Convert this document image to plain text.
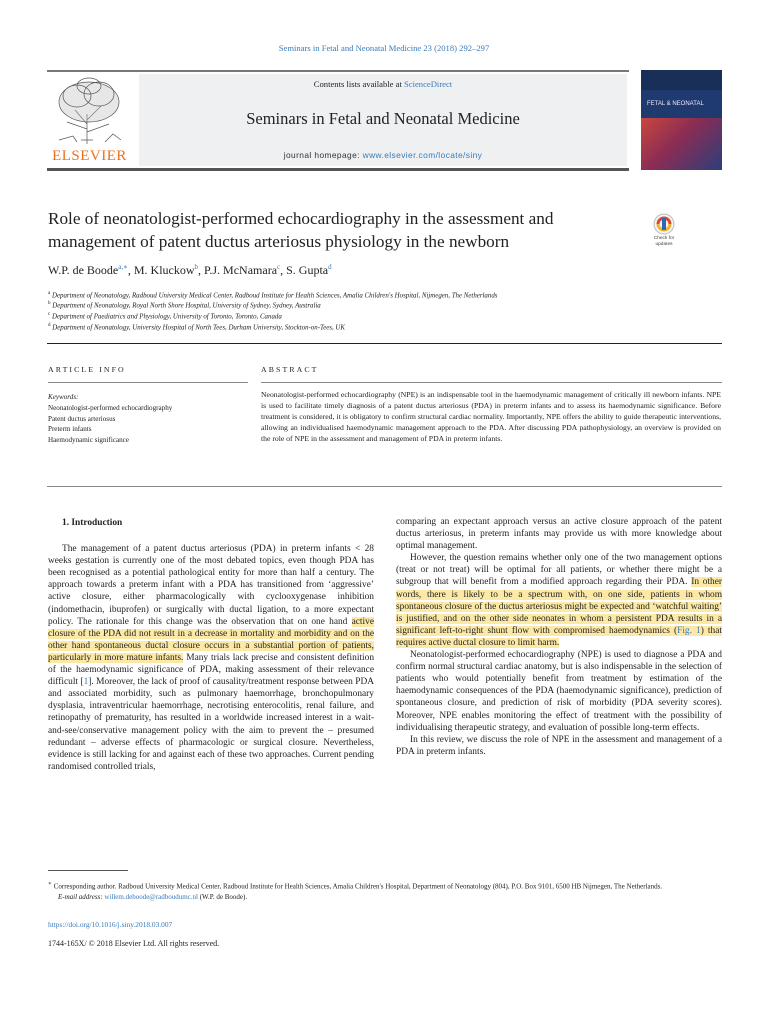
Seminars in Fetal and Neonatal Medicine 23 (2018) 292–297
ELSEVIER
Contents lists available at ScienceDirect
Seminars in Fetal and Neonatal Medicine
journal homepage: www.elsevier.com/locate/siny
FETAL & NEONATAL
Role of neonatologist-performed echocardiography in the assessment and
management of patent ductus arteriosus physiology in the newborn	Check for
updates
W.P. de Boode$^{a,∗}$, M. Kluckow$^b$, P.J. McNamara$^c$, S. Gupta$^d$
$^a$ Department of Neonatology, Radboud University Medical Center, Radboud Institute for Health Sciences, Amalia Children's Hospital, Nijmegen, The Netherlands
$^b$ Department of Neonatology, Royal North Shore Hospital, University of Sydney, Sydney, Australia
$^c$ Department of Paediatrics and Physiology, University of Toronto, Toronto, Canada
$^d$ Department of Neonatology, University Hospital of North Tees, Durham University, Stockton-on-Tees, UK
ARTICLE INFO	ABSTRACT
Keywords:
Neonatologist-performed echocardiography
Patent ductus arteriosus
Preterm infants
Haemodynamic significance
Neonatologist-performed echocardiography (NPE) is an indispensable tool in the haemodynamic management of critically ill newborn infants. NPE is used to facilitate timely diagnosis of a patent ductus arteriosus (PDA) in preterm infants and to assess its haemodynamic significance. Before treatment is considered, it is obligatory to confirm structural cardiac normality. Importantly, NPE offers the ability to guide therapeutic interventions, allowing an individualised haemodynamic management approach to the PDA. After discussing PDA pathophysiology, an overview is provided on the role of NPE in the assessment and management of PDA in preterm infants.

1. Introduction

The management of a patent ductus arteriosus (PDA) in preterm infants < 28 weeks gestation is currently one of the most debated topics, even though PDA has been recognised as a potential pathological entity for more than half a century. The approach towards a preterm infant with a PDA has transitioned from ‘aggressive’ active closure, either pharmacologically with cyclooxygenase inhibition (indomethacin, ibuprofen) or surgically with ductal ligation, to a more expectant policy. The rationale for this change was the observation that on one hand active closure of the PDA did not result in a decrease in mortality and morbidity and on the other hand spontaneous ductal closure occurs in a substantial portion of patients, particularly in more mature infants. Many trials lack precise and consistent definition of the haemodynamic significance of PDA, making assessment of their relevance difficult [1]. Moreover, the lack of proof of causality/treatment response between PDA and associated morbidity, such as pulmonary haemorrhage, bronchopulmonary dysplasia, intraventricular haemorrhage, necrotising enterocolitis, renal failure, and retinopathy of prematurity, has resulted in a worldwide increased interest in a wait-and-see/conservative management policy with the aim to prevent the – presumed redundant – adverse effects of pharmacologic or surgical closure. Nevertheless, evidence is still lacking for and against each of these two approaches. Current pending randomised controlled trials,

comparing an expectant approach versus an active closure approach of the patent ductus arteriosus, in preterm infants may provide us with more knowledge about optimal management.

However, the question remains whether only one of the two management options (treat or not treat) will be optimal for all patients, or whether there might be a subgroup that will benefit from a modified approach regarding their PDA. In other words, there is likely to be a spectrum with, on one side, patients in whom spontaneous closure of the ductus arteriosus might be expected and ‘watchful waiting’ is justified, and on the other side neonates in whom a persistent PDA results in a significant left-to-right shunt flow with compromised haemodynamics (Fig. 1) that requires active ductal closure to limit harm.

Neonatologist-performed echocardiography (NPE) is used to diagnose a PDA and confirm normal structural cardiac anatomy, but is also indispensable in the selection of patients who would potentially benefit from treatment by estimation of the haemodynamic consequences of the PDA (haemodynamic significance), prediction of spontaneous closure, and prediction of risk of morbidity (PDA severity scores). Moreover, NPE enables monitoring the effect of treatment with the possibility of individualising therapeutic strategy, and evaluation of possible long-term effects.

In this review, we discuss the role of NPE in the assessment and management of a PDA in preterm infants.

∗ Corresponding author. Radboud University Medical Center, Radboud Institute for Health Sciences, Amalia Children's Hospital, Department of Neonatology (804), P.O. Box 9101, 6500 HB Nijmegen, The Netherlands.
E-mail address: willem.deboode@radboudumc.nl (W.P. de Boode).
https://doi.org/10.1016/j.siny.2018.03.007
1744-165X/ © 2018 Elsevier Ltd. All rights reserved.
